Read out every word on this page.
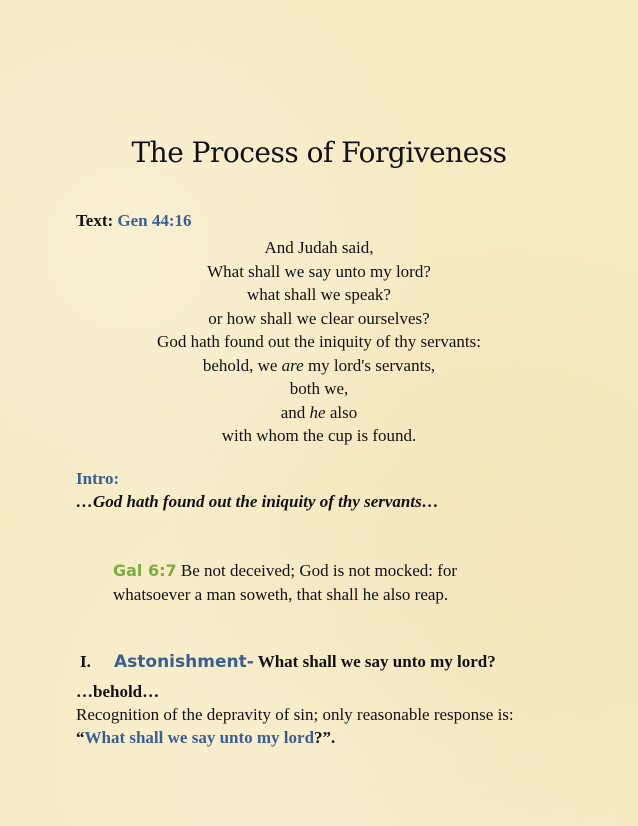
The Process of Forgiveness
Text: Gen 44:16
And Judah said,
What shall we say unto my lord?
what shall we speak?
or how shall we clear ourselves?
God hath found out the iniquity of thy servants:
behold, we are my lord's servants,
both we,
and he also
with whom the cup is found.
Intro:
…God hath found out the iniquity of thy servants…
Gal 6:7 Be not deceived; God is not mocked: for whatsoever a man soweth, that shall he also reap.
I. Astonishment- What shall we say unto my lord?
…behold…
Recognition of the depravity of sin; only reasonable response is:
“What shall we say unto my lord?”.
